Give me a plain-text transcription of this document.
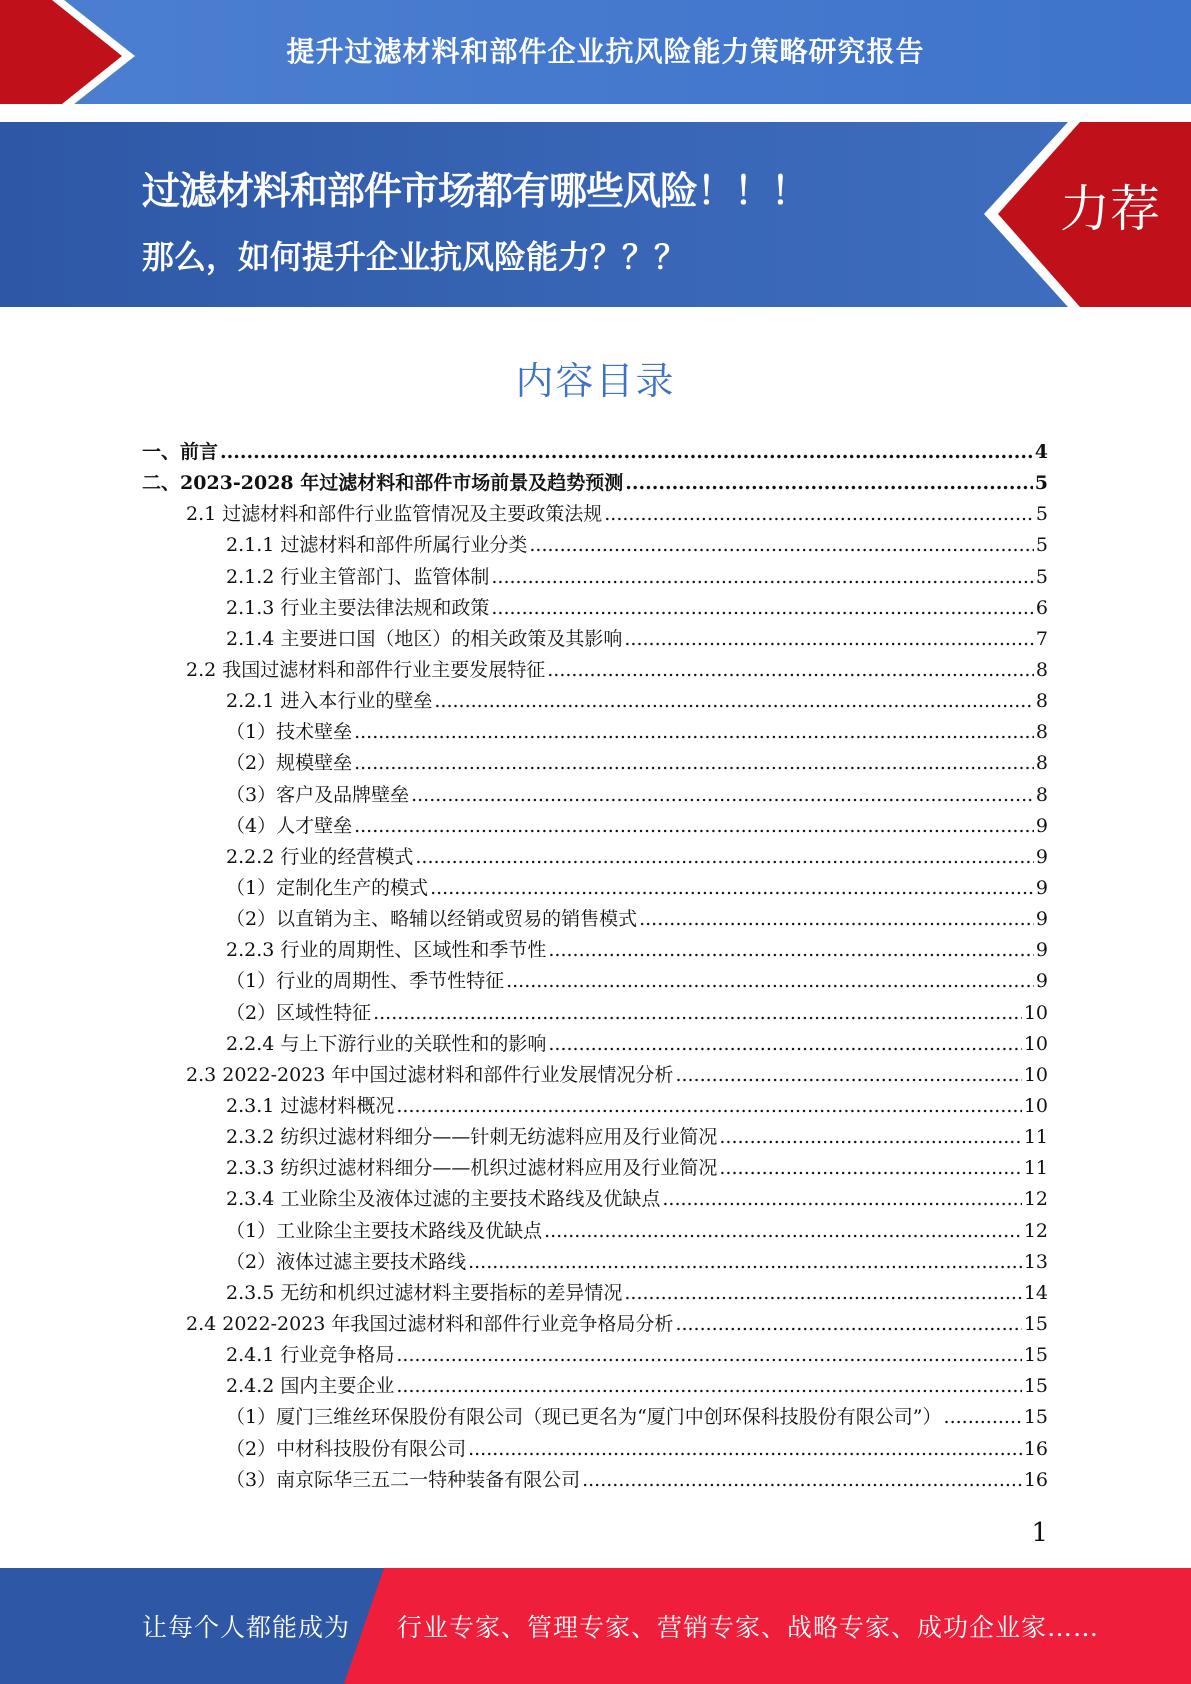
提升过滤材料和部件企业抗风险能力策略研究报告
过滤材料和部件市场都有哪些风险！！！
那么，如何提升企业抗风险能力？？？
力荐
内容目录
一、前言 .....	4
二、2023-2028 年过滤材料和部件市场前景及趋势预测 .....	5
2.1 过滤材料和部件行业监管情况及主要政策法规 .....	5
2.1.1 过滤材料和部件所属行业分类 .....	5
2.1.2 行业主管部门、监管体制 .....	5
2.1.3 行业主要法律法规和政策 .....	6
2.1.4 主要进口国（地区）的相关政策及其影响 .....	7
2.2 我国过滤材料和部件行业主要发展特征 .....	8
2.2.1 进入本行业的壁垒 .....	8
（1）技术壁垒 .....	8
（2）规模壁垒 .....	8
（3）客户及品牌壁垒 .....	8
（4）人才壁垒 .....	9
2.2.2 行业的经营模式 .....	9
（1）定制化生产的模式 .....	9
（2）以直销为主、略辅以经销或贸易的销售模式 .....	9
2.2.3 行业的周期性、区域性和季节性 .....	9
（1）行业的周期性、季节性特征 .....	9
（2）区域性特征 .....	10
2.2.4 与上下游行业的关联性和的影响 .....	10
2.3 2022-2023 年中国过滤材料和部件行业发展情况分析 .....	10
2.3.1 过滤材料概况 .....	10
2.3.2 纺织过滤材料细分——针刺无纺滤料应用及行业简况 .....	11
2.3.3 纺织过滤材料细分——机织过滤材料应用及行业简况 .....	11
2.3.4 工业除尘及液体过滤的主要技术路线及优缺点 .....	12
（1）工业除尘主要技术路线及优缺点 .....	12
（2）液体过滤主要技术路线 .....	13
2.3.5 无纺和机织过滤材料主要指标的差异情况 .....	14
2.4 2022-2023 年我国过滤材料和部件行业竞争格局分析 .....	15
2.4.1 行业竞争格局 .....	15
2.4.2 国内主要企业 .....	15
（1）厦门三维丝环保股份有限公司（现已更名为“厦门中创环保科技股份有限公司”） .....	15
（2）中材科技股份有限公司 .....	16
（3）南京际华三五二一特种装备有限公司 .....	16
1
让每个人都能成为 行业专家、管理专家、营销专家、战略专家、成功企业家……
